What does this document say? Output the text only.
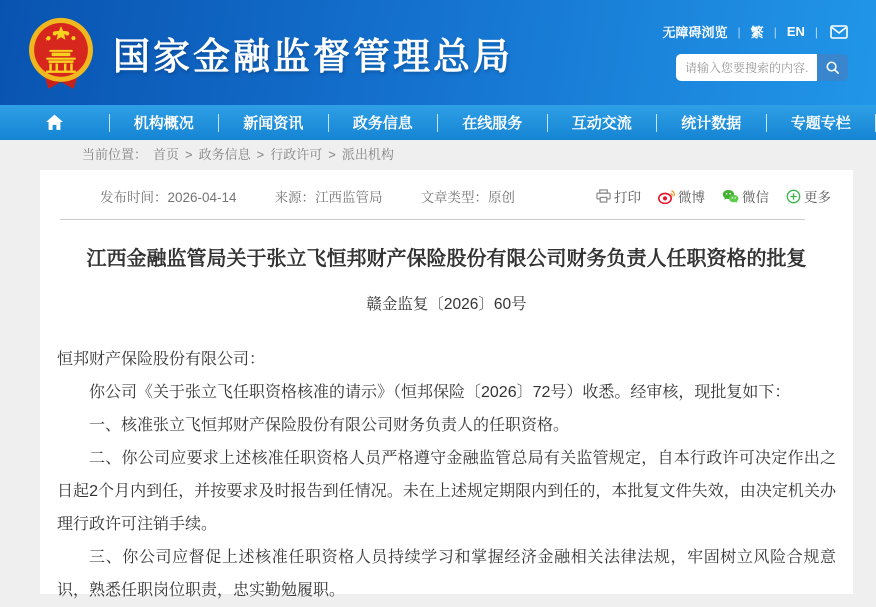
国家金融监督管理总局
无障碍浏览 | 繁 | EN |
请输入您要搜索的内容...
机构概况	新闻资讯	政务信息	在线服务	互动交流	统计数据	专题专栏
当前位置： 首页 > 政务信息 > 行政许可 > 派出机构
发布时间：2026-04-14	来源：江西监管局	文章类型：原创	打印	微博	微信	更多
江西金融监管局关于张立飞恒邦财产保险股份有限公司财务负责人任职资格的批复
赣金监复〔2026〕60号

恒邦财产保险股份有限公司：

你公司《关于张立飞任职资格核准的请示》（恒邦保险〔2026〕72号）收悉。经审核，现批复如下：

一、核准张立飞恒邦财产保险股份有限公司财务负责人的任职资格。

二、你公司应要求上述核准任职资格人员严格遵守金融监管总局有关监管规定，自本行政许可决定作出之日起2个月内到任，并按要求及时报告到任情况。未在上述规定期限内到任的，本批复文件失效，由决定机关办理行政许可注销手续。

三、你公司应督促上述核准任职资格人员持续学习和掌握经济金融相关法律法规，牢固树立风险合规意识，熟悉任职岗位职责，忠实勤勉履职。
